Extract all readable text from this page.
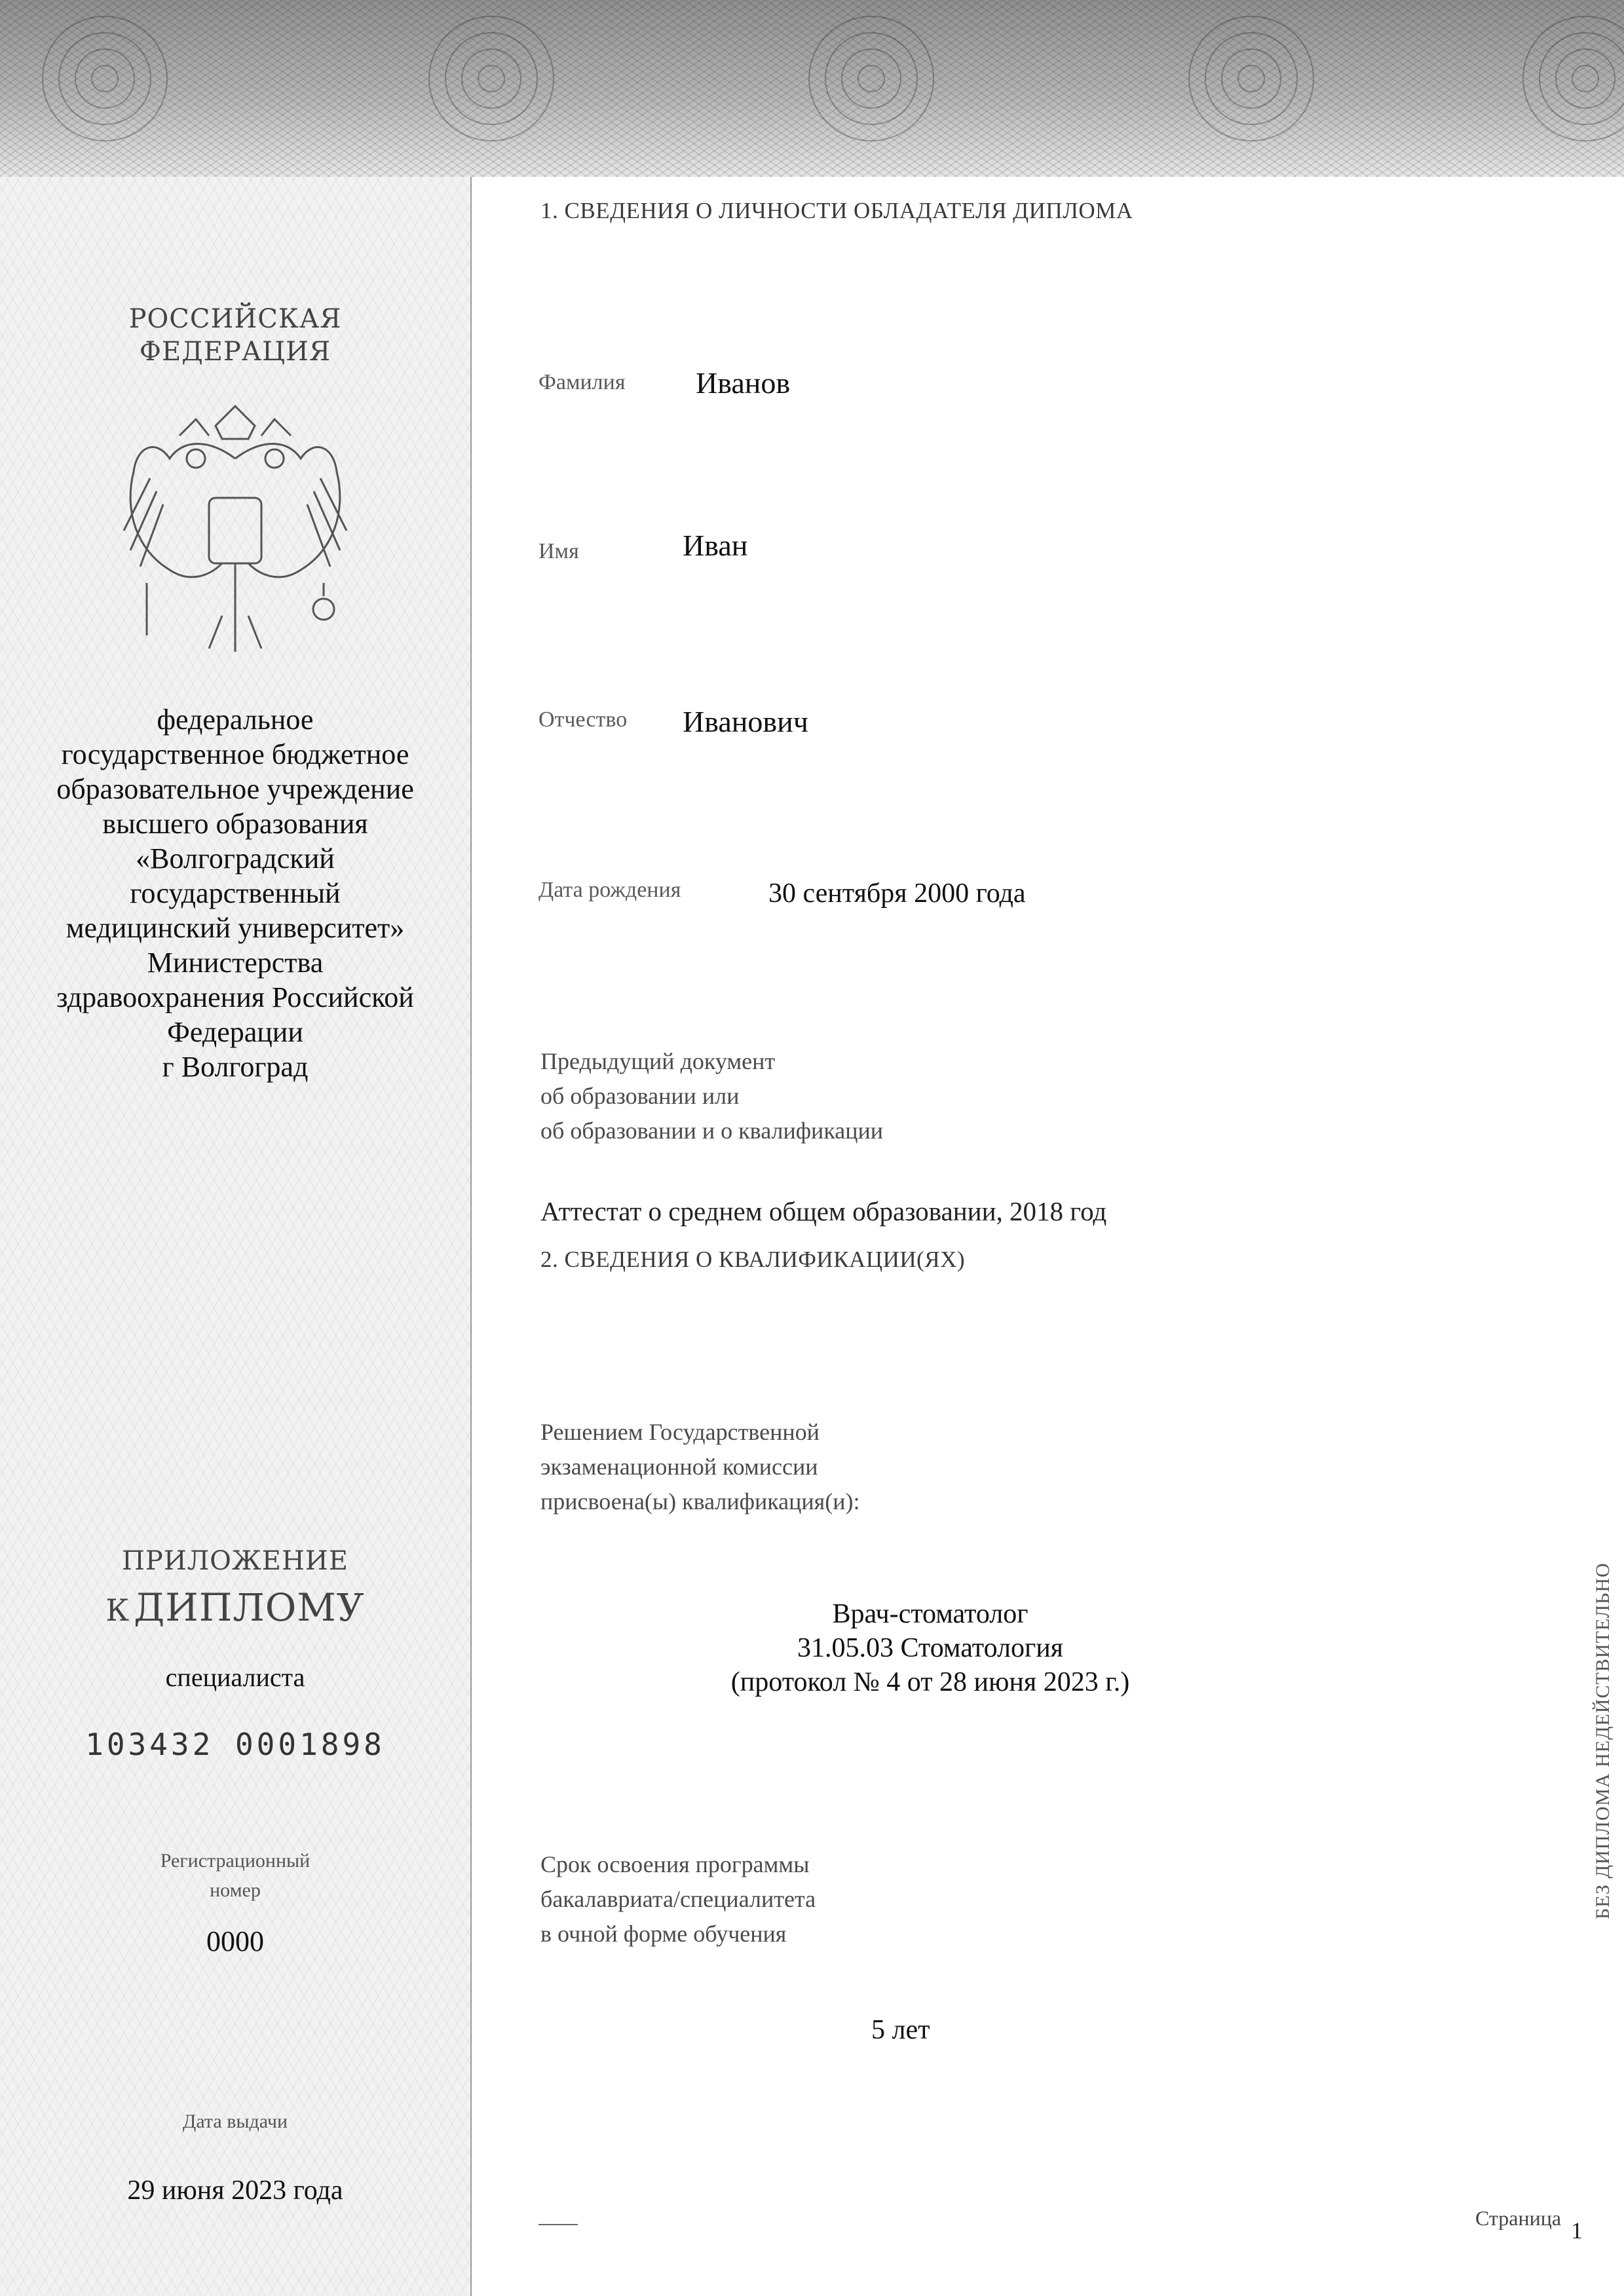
РОССИЙСКАЯ
ФЕДЕРАЦИЯ
федеральное
государственное бюджетное
образовательное учреждение
высшего образования
«Волгоградский
государственный
медицинский университет»
Министерства
здравоохранения Российской
Федерации
г Волгоград
ПРИЛОЖЕНИЕ
К ДИПЛОМУ
специалиста
103432 0001898
Регистрационный
номер
0000
Дата выдачи
29 июня 2023 года
1. СВЕДЕНИЯ О ЛИЧНОСТИ ОБЛАДАТЕЛЯ ДИПЛОМА
Фамилия Иванов
Имя	Иван
Отчество Иванович
Дата рождения	30 сентября 2000 года
Предыдущий документ
об образовании или
об образовании и о квалификации
Аттестат о среднем общем образовании, 2018 год
2. СВЕДЕНИЯ О КВАЛИФИКАЦИИ(ЯХ)
Решением Государственной
экзаменационной комиссии
присвоена(ы) квалификация(и):
Врач-стоматолог
31.05.03 Стоматология
(протокол № 4 от 28 июня 2023 г.)
Срок освоения программы
бакалавриата/специалитета
в очной форме обучения
5 лет
БЕЗ ДИПЛОМА НЕДЕЙСТВИТЕЛЬНО
Страница 1
